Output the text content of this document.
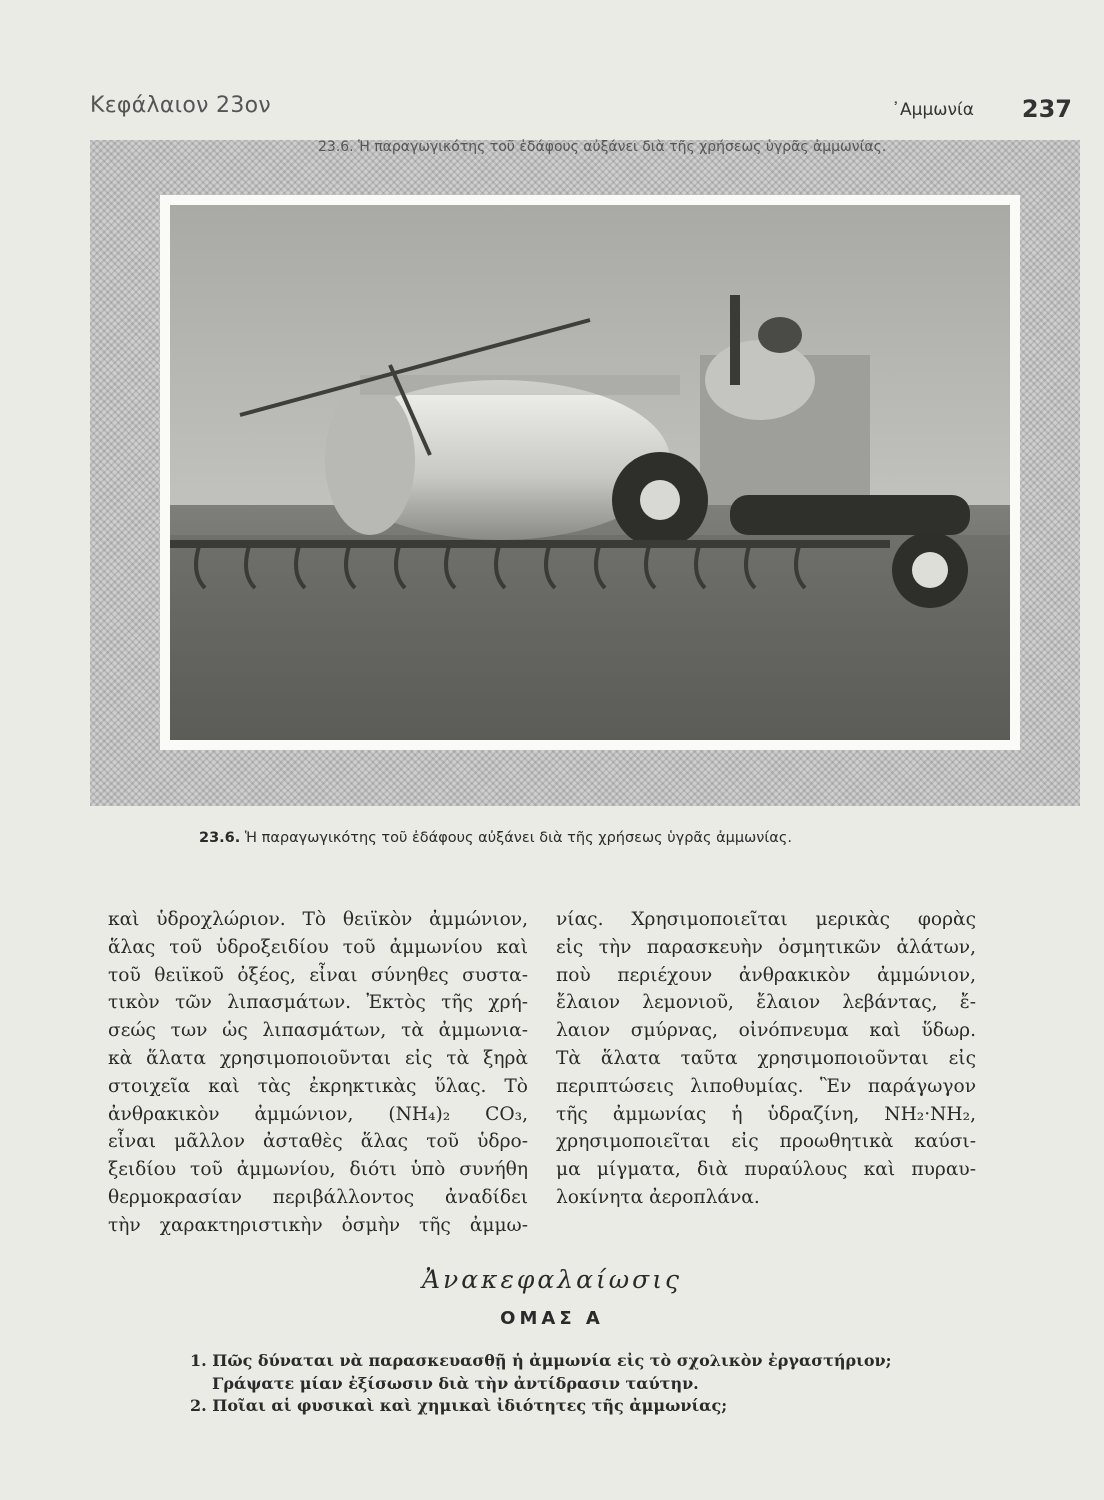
Κεφάλαιον 23ον	᾿Αμμωνία 237
23.6. Ἡ παραγωγικότης τοῦ ἐδάφους αὐξάνει διὰ τῆς χρήσεως ὑγρᾶς ἀμμωνίας.
23.6. Ἡ παραγωγικότης τοῦ ἐδάφους αὐξάνει διὰ τῆς χρήσεως ὑγρᾶς ἀμμωνίας.
καὶ ὑδροχλώριον. Τὸ θειϊκὸν ἀμμώνιον,
ἅλας τοῦ ὑδροξειδίου τοῦ ἀμμωνίου καὶ
τοῦ θειϊκοῦ ὀξέος, εἶναι σύνηθες συστα-
τικὸν τῶν λιπασμάτων. Ἐκτὸς τῆς χρή-
σεώς των ὡς λιπασμάτων, τὰ ἀμμωνια-
κὰ ἅλατα χρησιμοποιοῦνται εἰς τὰ ξηρὰ
στοιχεῖα καὶ τὰς ἐκρηκτικὰς ὕλας. Τὸ
ἀνθρακικὸν ἀμμώνιον, (NH₄)₂ CO₃,
εἶναι μᾶλλον ἀσταθὲς ἅλας τοῦ ὑδρο-
ξειδίου τοῦ ἀμμωνίου, διότι ὑπὸ συνήθη
θερμοκρασίαν περιβάλλοντος ἀναδίδει
τὴν χαρακτηριστικὴν ὀσμὴν τῆς ἀμμω-
νίας. Χρησιμοποιεῖται μερικὰς φορὰς
εἰς τὴν παρασκευὴν ὀσμητικῶν ἁλάτων,
ποὺ περιέχουν ἀνθρακικὸν ἀμμώνιον,
ἔλαιον λεμονιοῦ, ἔλαιον λεβάντας, ἔ-
λαιον σμύρνας, οἰνόπνευμα καὶ ὕδωρ.
Τὰ ἅλατα ταῦτα χρησιμοποιοῦνται εἰς
περιπτώσεις λιποθυμίας. Ἓν παράγωγον
τῆς ἀμμωνίας ἡ ὑδραζίνη, NH₂·NH₂,
χρησιμοποιεῖται εἰς προωθητικὰ καύσι-
μα μίγματα, διὰ πυραύλους καὶ πυραυ-
λοκίνητα ἀεροπλάνα.
Ἀνακεφαλαίωσις
ΟΜΑΣ Α
1. Πῶς δύναται νὰ παρασκευασθῇ ἡ ἀμμωνία εἰς τὸ σχολικὸν ἐργαστήριον;
Γράψατε μίαν ἐξίσωσιν διὰ τὴν ἀντίδρασιν ταύτην.
2. Ποῖαι αἱ φυσικαὶ καὶ χημικαὶ ἰδιότητες τῆς ἀμμωνίας;
